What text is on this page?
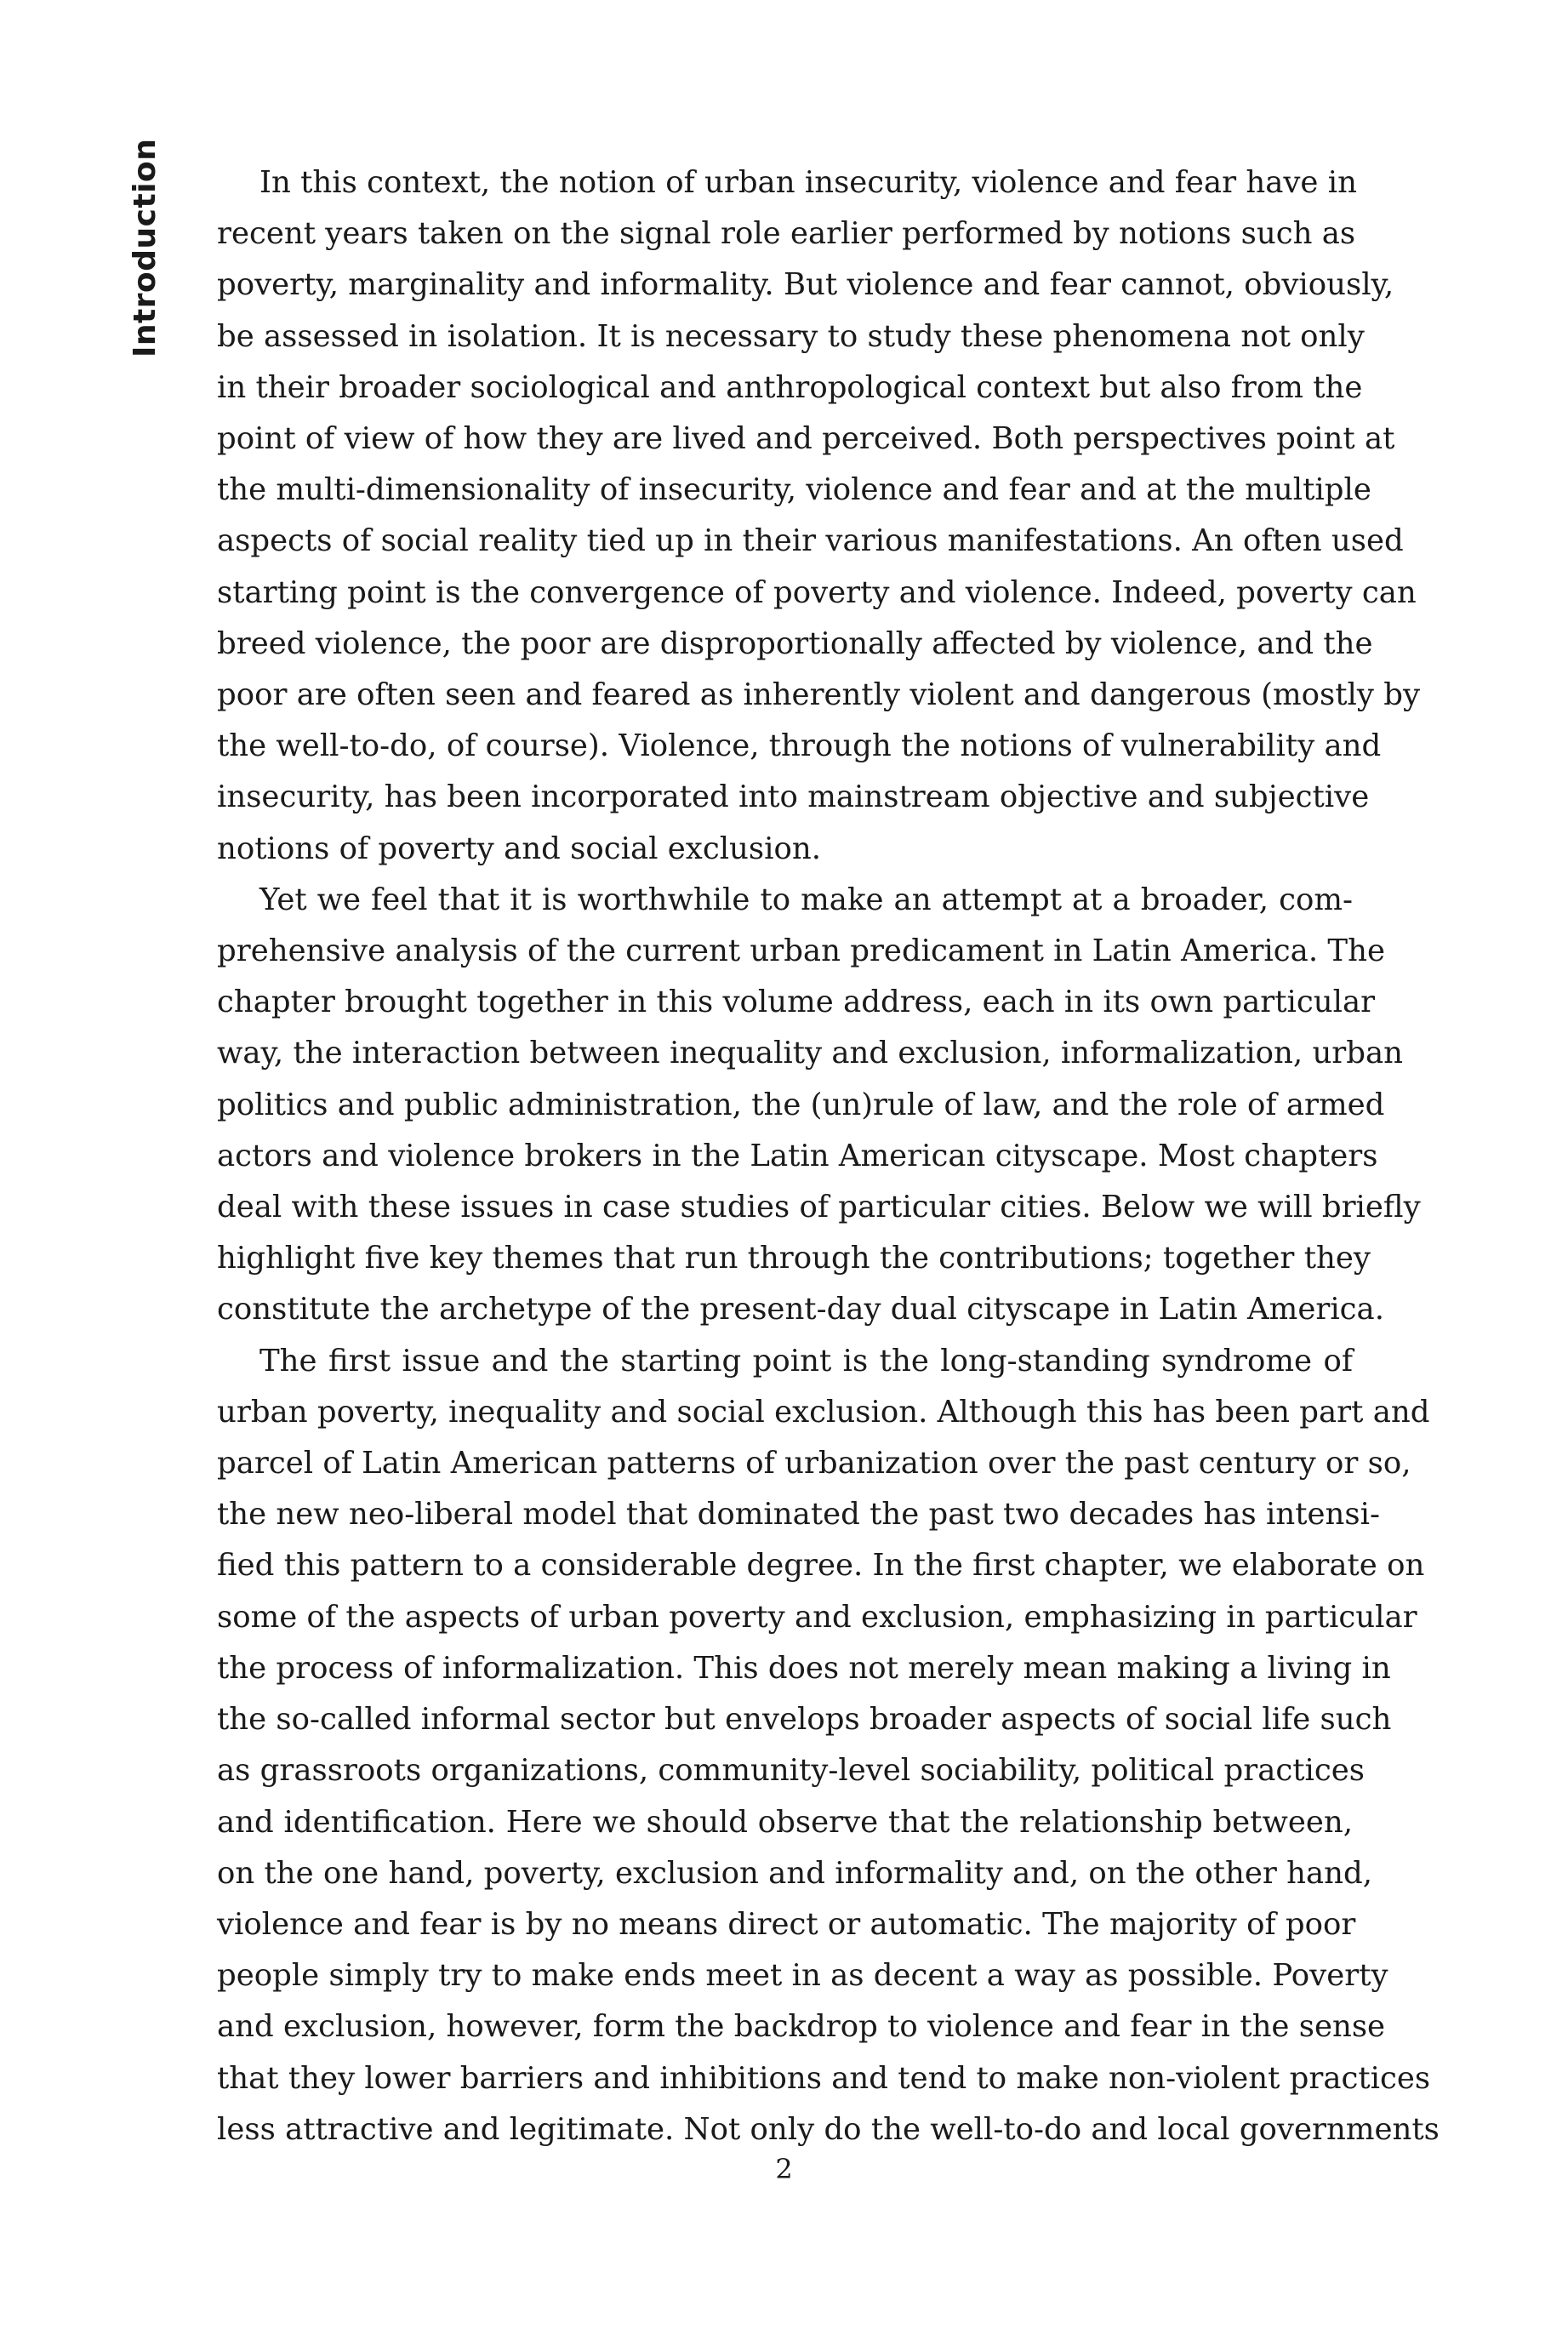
Introduction	In this context, the notion of urban insecurity, violence and fear have in
recent years taken on the signal role earlier performed by notions such as
poverty, marginality and informality. But violence and fear cannot, obviously,
be assessed in isolation. It is necessary to study these phenomena not only
in their broader sociological and anthropological context but also from the
point of view of how they are lived and perceived. Both perspectives point at
the multi-dimensionality of insecurity, violence and fear and at the multiple
aspects of social reality tied up in their various manifestations. An often used
starting point is the convergence of poverty and violence. Indeed, poverty can
breed violence, the poor are disproportionally affected by violence, and the
poor are often seen and feared as inherently violent and dangerous (mostly by
the well-to-do, of course). Violence, through the notions of vulnerability and
insecurity, has been incorporated into mainstream objective and subjective
notions of poverty and social exclusion.

Yet we feel that it is worthwhile to make an attempt at a broader, com-
prehensive analysis of the current urban predicament in Latin America. The
chapter brought together in this volume address, each in its own particular
way, the interaction between inequality and exclusion, informalization, urban
politics and public administration, the (un)rule of law, and the role of armed
actors and violence brokers in the Latin American cityscape. Most chapters
deal with these issues in case studies of particular cities. Below we will briefly
highlight five key themes that run through the contributions; together they
constitute the archetype of the present-day dual cityscape in Latin America.

The first issue and the starting point is the long-standing syndrome of
urban poverty, inequality and social exclusion. Although this has been part and
parcel of Latin American patterns of urbanization over the past century or so,
the new neo-liberal model that dominated the past two decades has intensi-
fied this pattern to a considerable degree. In the first chapter, we elaborate on
some of the aspects of urban poverty and exclusion, emphasizing in particular
the process of informalization. This does not merely mean making a living in
the so-called informal sector but envelops broader aspects of social life such
as grassroots organizations, community-level sociability, political practices
and identification. Here we should observe that the relationship between,
on the one hand, poverty, exclusion and informality and, on the other hand,
violence and fear is by no means direct or automatic. The majority of poor
people simply try to make ends meet in as decent a way as possible. Poverty
and exclusion, however, form the backdrop to violence and fear in the sense
that they lower barriers and inhibitions and tend to make non-violent practices
less attractive and legitimate. Not only do the well-to-do and local governments

2
